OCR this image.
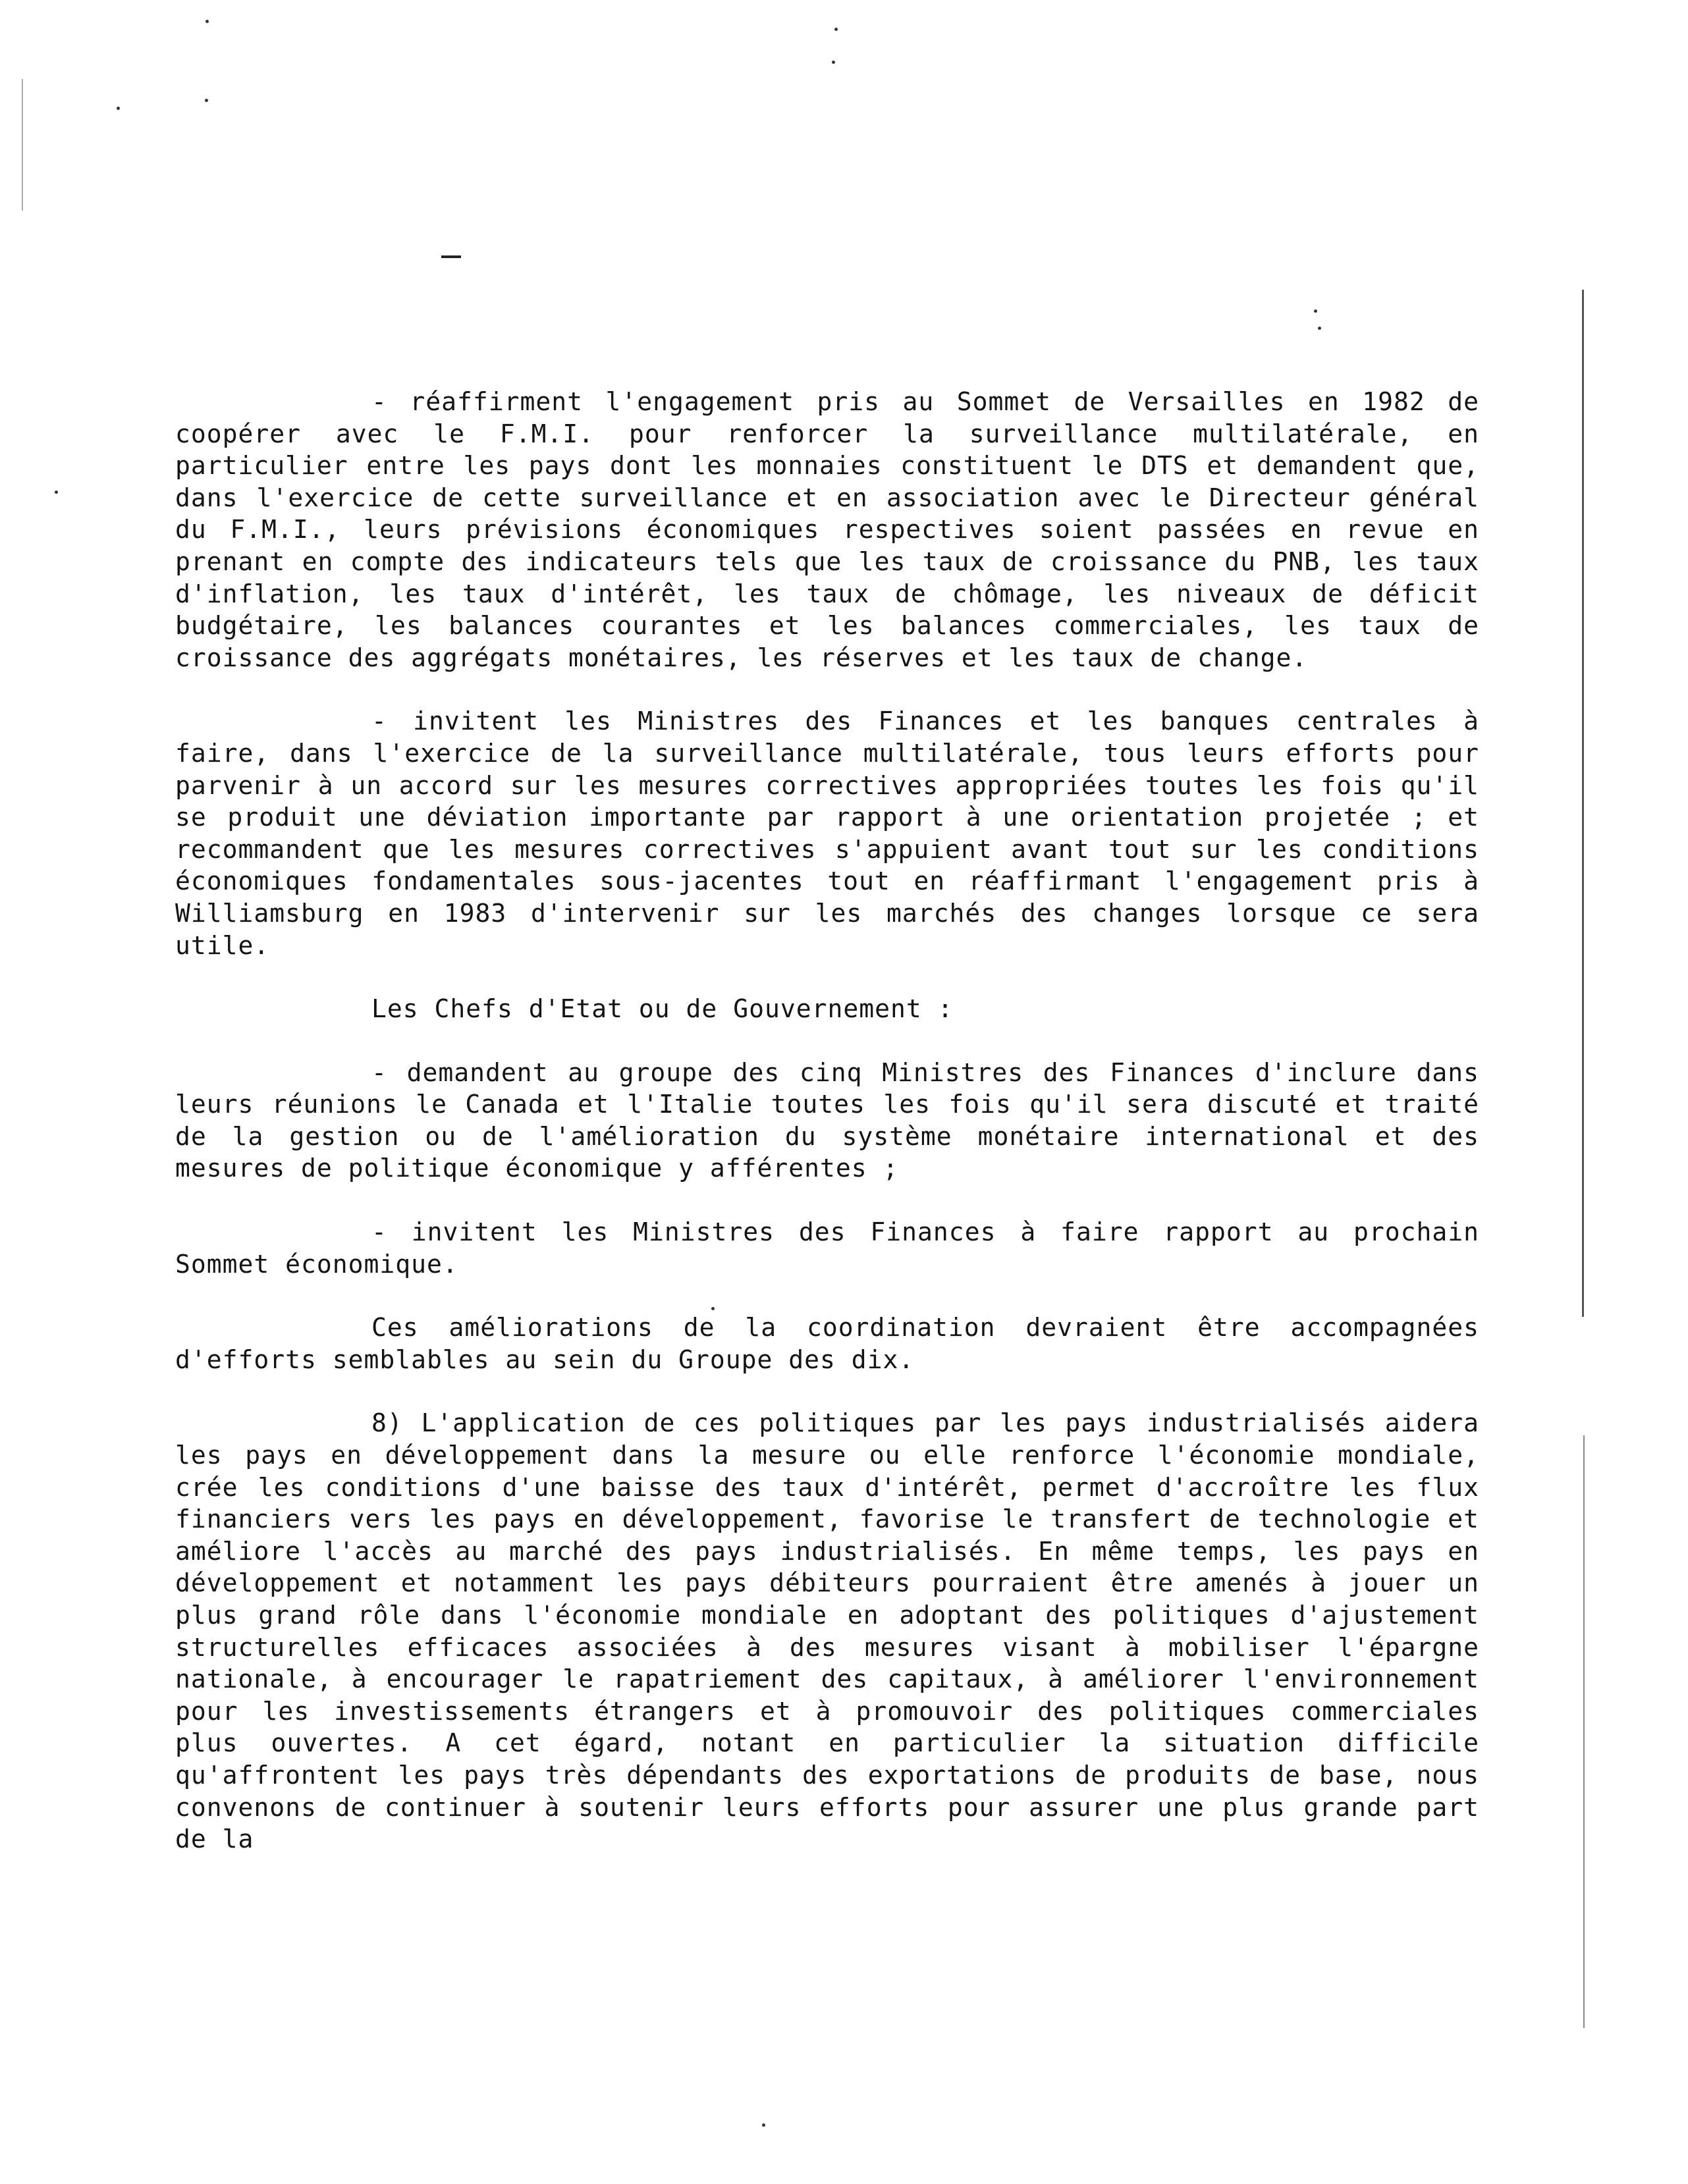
- réaffirment l'engagement pris au Sommet de Versailles en 1982 de coopérer avec le F.M.I. pour renforcer la surveillance multilatérale, en particulier entre les pays dont les monnaies constituent le DTS et demandent que, dans l'exercice de cette surveillance et en association avec le Directeur général du F.M.I., leurs prévisions économiques respectives soient passées en revue en prenant en compte des indicateurs tels que les taux de croissance du PNB, les taux d'inflation, les taux d'intérêt, les taux de chômage, les niveaux de déficit budgétaire, les balances courantes et les balances commerciales, les taux de croissance des aggrégats monétaires, les réserves et les taux de change.

- invitent les Ministres des Finances et les banques centrales à faire, dans l'exercice de la surveillance multilatérale, tous leurs efforts pour parvenir à un accord sur les mesures correctives appropriées toutes les fois qu'il se produit une déviation importante par rapport à une orientation projetée ; et recommandent que les mesures correctives s'appuient avant tout sur les conditions économiques fondamentales sous-jacentes tout en réaffirmant l'engagement pris à Williamsburg en 1983 d'intervenir sur les marchés des changes lorsque ce sera utile.

Les Chefs d'Etat ou de Gouvernement :

- demandent au groupe des cinq Ministres des Finances d'inclure dans leurs réunions le Canada et l'Italie toutes les fois qu'il sera discuté et traité de la gestion ou de l'amélioration du système monétaire international et des mesures de politique économique y afférentes ;

- invitent les Ministres des Finances à faire rapport au prochain Sommet économique.

Ces améliorations de la coordination devraient être accompagnées d'efforts semblables au sein du Groupe des dix.

8) L'application de ces politiques par les pays industrialisés aidera les pays en développement dans la mesure ou elle renforce l'économie mondiale, crée les conditions d'une baisse des taux d'intérêt, permet d'accroître les flux financiers vers les pays en développement, favorise le transfert de technologie et améliore l'accès au marché des pays industrialisés. En même temps, les pays en développement et notamment les pays débiteurs pourraient être amenés à jouer un plus grand rôle dans l'économie mondiale en adoptant des politiques d'ajustement structurelles efficaces associées à des mesures visant à mobiliser l'épargne nationale, à encourager le rapatriement des capitaux, à améliorer l'environnement pour les investissements étrangers et à promouvoir des politiques commerciales plus ouvertes. A cet égard, notant en particulier la situation difficile qu'affrontent les pays très dépendants des exportations de produits de base, nous convenons de continuer à soutenir leurs efforts pour assurer une plus grande part de la
